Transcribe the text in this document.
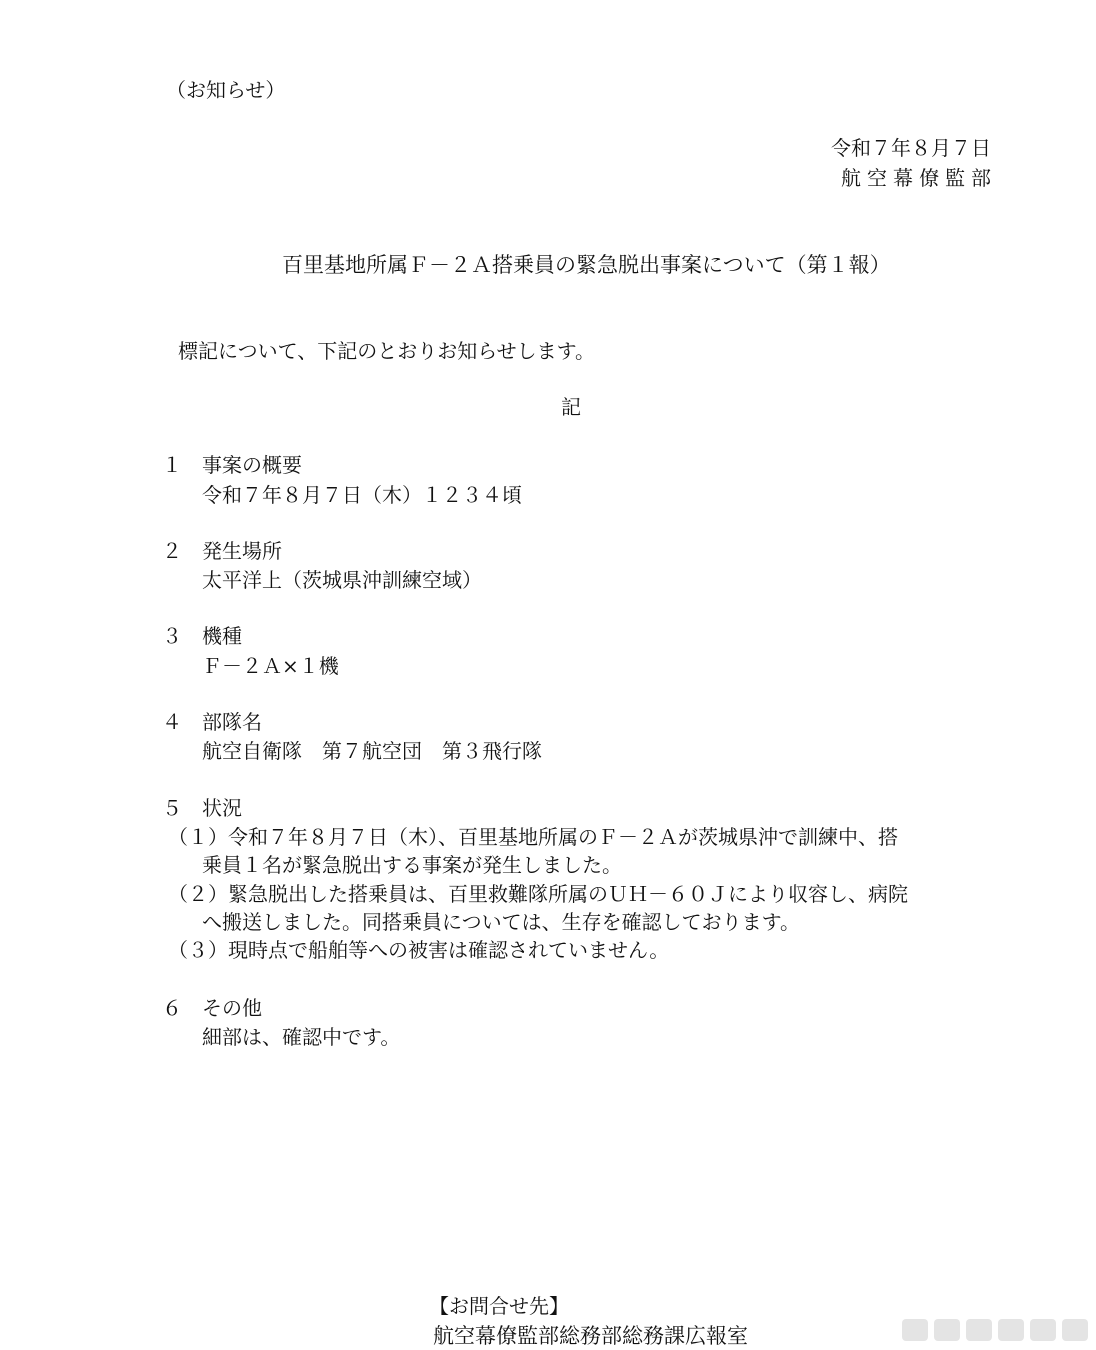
（お知らせ）
令和７年８月７日
航空幕僚監部
百里基地所属Ｆ－２Ａ搭乗員の緊急脱出事案について（第１報）
標記について、下記のとおりお知らせします。
記
１ 事案の概要
令和７年８月７日（木）１２３４頃
２ 発生場所
太平洋上（茨城県沖訓練空域）
３ 機種
Ｆ－２Ａ×１機
４ 部隊名
航空自衛隊　第７航空団　第３飛行隊
５ 状況
（１）令和７年８月７日（木）、百里基地所属のＦ－２Ａが茨城県沖で訓練中、搭
乗員１名が緊急脱出する事案が発生しました。
（２）緊急脱出した搭乗員は、百里救難隊所属のＵＨ－６０Ｊにより収容し、病院
へ搬送しました。同搭乗員については、生存を確認しております。
（３）現時点で船舶等への被害は確認されていません。
６ その他
細部は、確認中です。
【お問合せ先】
航空幕僚監部総務部総務課広報室
